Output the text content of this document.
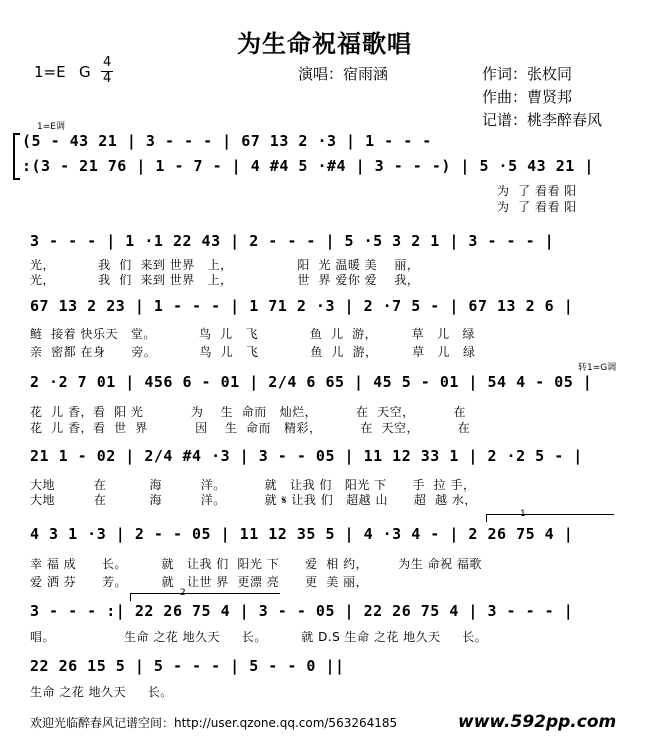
为生命祝福歌唱
1=E G
4
4	演唱：宿雨涵	作词：张枚同
作曲：曹贤邦
记谱：桃李醉春风
1=E调
(5 - 43 21 | 3 - - - | 67 13 2 ·3 | 1 - - -
:(3 - 21 76 | 1 - 7 - | 4 #4 5 ·#4 | 3 - - -) | 5 ·5 43 21 |
为  了 看看 阳
为  了 看看 阳
3 - - - | 1 ·1 22 43 | 2 - - - | 5 ·5 3 2 1 | 3 - - - |
光，          我  们  来到 世界   上，               阳  光 温暖 美    丽，
光，          我  们  来到 世界   上，               世  界 爱你 爱    我，
67 13 2 23 | 1 - - - | 1 71 2 ·3 | 2 ·7 5 - | 67 13 2 6 |
鲢  接着 快乐天   堂。          鸟  儿   飞            鱼  儿  游，        草   儿   绿
亲  密都 在身      旁。          鸟  儿   飞            鱼  儿  游，        草   儿   绿
转1=G调
2 ·2 7 01 | 456 6 - 01 | 2/4 6 65 | 45 5 - 01 | 54 4 - 05 |
花  儿 香，看  阳 光           为    生  命而   灿烂，         在  天空，         在
花  儿 香，看  世  界           因    生  命而   精彩，         在  天空，         在
21 1 - 02 | 2/4 #4 ·3 | 3 - - 05 | 11 12 33 1 | 2 ·2 5 - |
大地         在          海         洋。         就   让我 们   阳光 下      手  拉 手，
大地         在          海         洋。         就 𝄋 让我 们   超越 山      超  越 水，
1
4 3 1 ·3 | 2 - - 05 | 11 12 35 5 | 4 ·3 4 - | 2 26 75 4 |
幸 福 成      长。        就   让我 们  阳光 下      爱  相 约，       为生 命祝 福歌
爱 洒 芬      芳。        就   让世 界  更漂 亮      更  美 丽，
2
3 - - - :| 22 26 75 4 | 3 - - 05 | 22 26 75 4 | 3 - - - |
唱。                生命 之花 地久天     长。        就 D.S 生命 之花 地久天     长。
22 26 15 5 | 5 - - - | 5 - - 0 ||
生命 之花 地久天     长。
欢迎光临醉春风记谱空间：http://user.qzone.qq.com/563264185	www.592pp.com
